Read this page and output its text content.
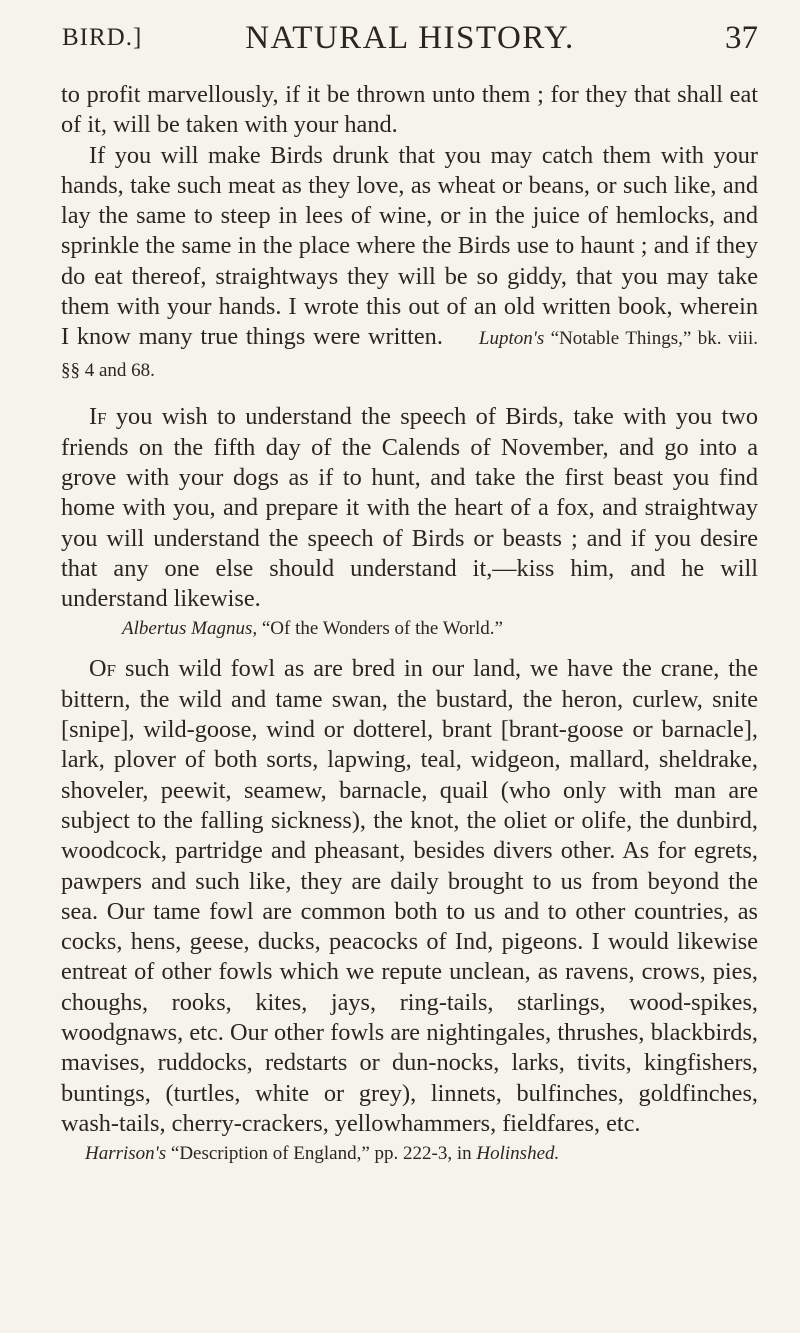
BIRD.]	NATURAL HISTORY.	37

to profit marvellously, if it be thrown unto them ; for they that shall eat of it, will be taken with your hand.

If you will make Birds drunk that you may catch them with your hands, take such meat as they love, as wheat or beans, or such like, and lay the same to steep in lees of wine, or in the juice of hemlocks, and sprinkle the same in the place where the Birds use to haunt ; and if they do eat thereof, straightways they will be so giddy, that you may take them with your hands. I wrote this out of an old written book, wherein I know many true things were written. Lupton's “Notable Things,” bk. viii. §§ 4 and 68.

If you wish to understand the speech of Birds, take with you two friends on the fifth day of the Calends of November, and go into a grove with your dogs as if to hunt, and take the first beast you find home with you, and prepare it with the heart of a fox, and straightway you will understand the speech of Birds or beasts ; and if you desire that any one else should understand it,—kiss him, and he will understand likewise.

Albertus Magnus, “Of the Wonders of the World.”

Of such wild fowl as are bred in our land, we have the crane, the bittern, the wild and tame swan, the bustard, the heron, curlew, snite [snipe], wild-goose, wind or dotterel, brant [brant-goose or barnacle], lark, plover of both sorts, lapwing, teal, widgeon, mallard, sheldrake, shoveler, peewit, seamew, barnacle, quail (who only with man are subject to the falling sickness), the knot, the oliet or olife, the dunbird, woodcock, partridge and pheasant, besides divers other. As for egrets, pawpers and such like, they are daily brought to us from beyond the sea. Our tame fowl are common both to us and to other countries, as cocks, hens, geese, ducks, peacocks of Ind, pigeons. I would likewise entreat of other fowls which we repute unclean, as ravens, crows, pies, choughs, rooks, kites, jays, ring-tails, starlings, wood-spikes, woodgnaws, etc. Our other fowls are nightingales, thrushes, blackbirds, mavises, ruddocks, redstarts or dun-nocks, larks, tivits, kingfishers, buntings, (turtles, white or grey), linnets, bulfinches, goldfinches, wash-tails, cherry-crackers, yellowhammers, fieldfares, etc.

Harrison's “Description of England,” pp. 222-3, in Holinshed.
